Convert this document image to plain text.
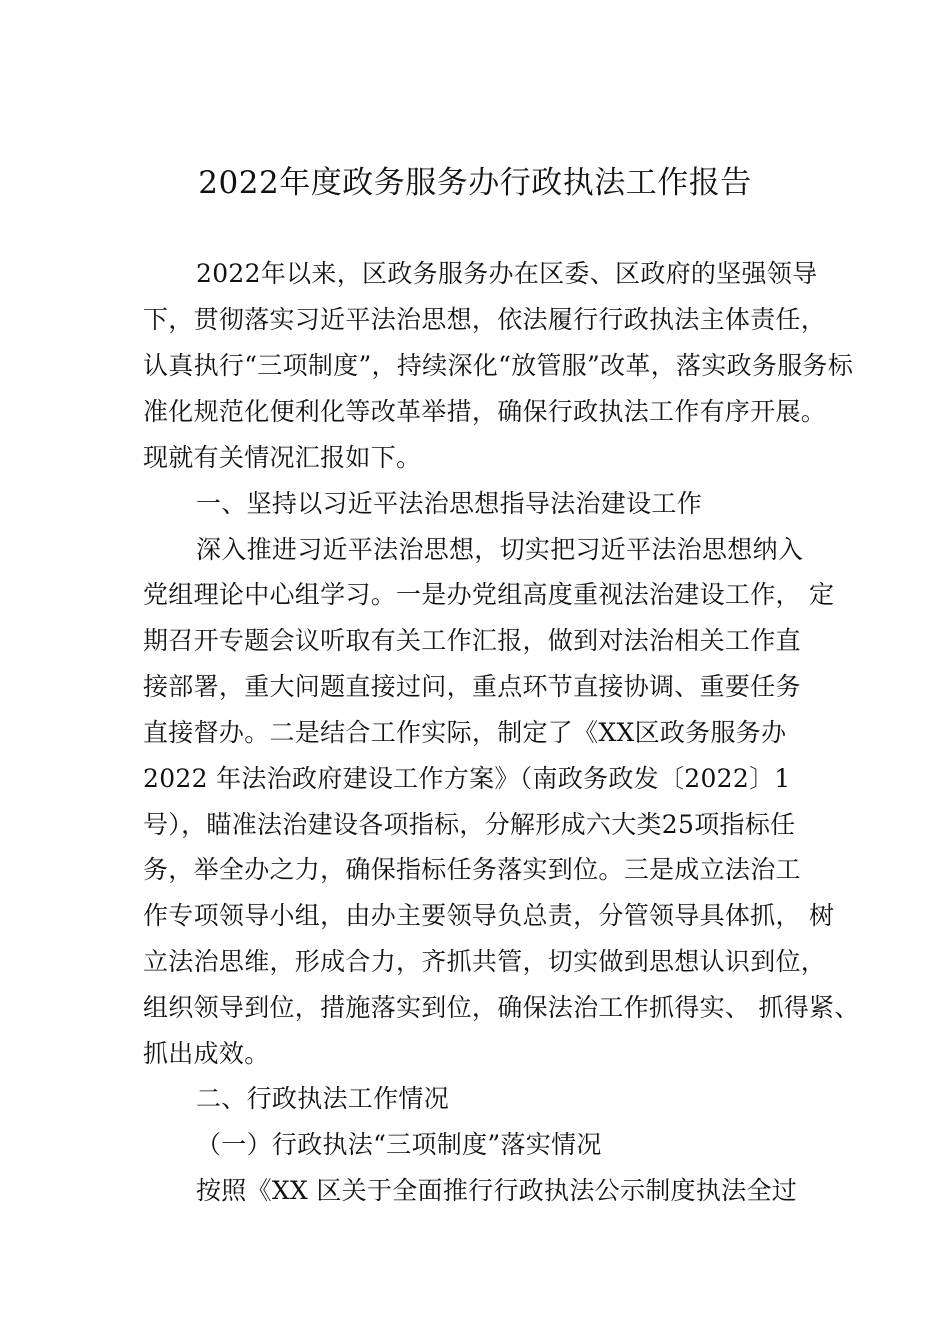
2022年度政务服务办行政执法工作报告
2022年以来，区政务服务办在区委、区政府的坚强领导
下，贯彻落实习近平法治思想，依法履行行政执法主体责任，
认真执行“三项制度”，持续深化“放管服”改革，落实政务服务标
准化规范化便利化等改革举措，确保行政执法工作有序开展。
现就有关情况汇报如下。
一、坚持以习近平法治思想指导法治建设工作
深入推进习近平法治思想，切实把习近平法治思想纳入
党组理论中心组学习。一是办党组高度重视法治建设工作， 定
期召开专题会议听取有关工作汇报，做到对法治相关工作直
接部署，重大问题直接过问，重点环节直接协调、重要任务
直接督办。二是结合工作实际，制定了《XX区政务服务办
2022 年法治政府建设工作方案》（南政务政发〔2022〕1
号），瞄准法治建设各项指标，分解形成六大类25项指标任
务，举全办之力，确保指标任务落实到位。三是成立法治工
作专项领导小组，由办主要领导负总责，分管领导具体抓， 树
立法治思维，形成合力，齐抓共管，切实做到思想认识到位，
组织领导到位，措施落实到位，确保法治工作抓得实、 抓得紧、
抓出成效。
二、行政执法工作情况
（一）行政执法“三项制度”落实情况
按照《XX 区关于全面推行行政执法公示制度执法全过
